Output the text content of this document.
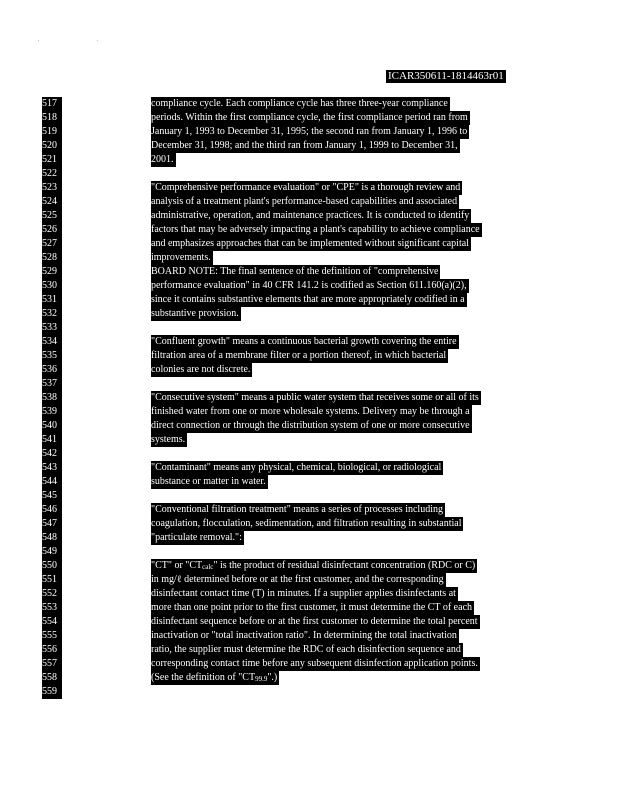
' '
ICAR350611-1814463r01
517
518
519
520
521
522
523
524
525
526
527
528
529
530
531
532
533
534
535
536
537
538
539
540
541
542
543
544
545
546
547
548
549
550
551
552
553
554
555
556
557
558
559
compliance cycle. Each compliance cycle has three three-year compliance
periods. Within the first compliance cycle, the first compliance period ran from
January 1, 1993 to December 31, 1995; the second ran from January 1, 1996 to
December 31, 1998; and the third ran from January 1, 1999 to December 31,
2001.
"Comprehensive performance evaluation" or "CPE" is a thorough review and
analysis of a treatment plant's performance-based capabilities and associated
administrative, operation, and maintenance practices. It is conducted to identify
factors that may be adversely impacting a plant's capability to achieve compliance
and emphasizes approaches that can be implemented without significant capital
improvements.
BOARD NOTE: The final sentence of the definition of "comprehensive
performance evaluation" in 40 CFR 141.2 is codified as Section 611.160(a)(2),
since it contains substantive elements that are more appropriately codified in a
substantive provision.
"Confluent growth" means a continuous bacterial growth covering the entire
filtration area of a membrane filter or a portion thereof, in which bacterial
colonies are not discrete.
"Consecutive system" means a public water system that receives some or all of its
finished water from one or more wholesale systems. Delivery may be through a
direct connection or through the distribution system of one or more consecutive
systems.
"Contaminant" means any physical, chemical, biological, or radiological
substance or matter in water.
"Conventional filtration treatment" means a series of processes including
coagulation, flocculation, sedimentation, and filtration resulting in substantial
"particulate removal.":
"CT" or "CTcalc" is the product of residual disinfectant concentration (RDC or C)
in mg/ℓ determined before or at the first customer, and the corresponding
disinfectant contact time (T) in minutes. If a supplier applies disinfectants at
more than one point prior to the first customer, it must determine the CT of each
disinfectant sequence before or at the first customer to determine the total percent
inactivation or "total inactivation ratio". In determining the total inactivation
ratio, the supplier must determine the RDC of each disinfection sequence and
corresponding contact time before any subsequent disinfection application points.
(See the definition of "CT99.9".)
